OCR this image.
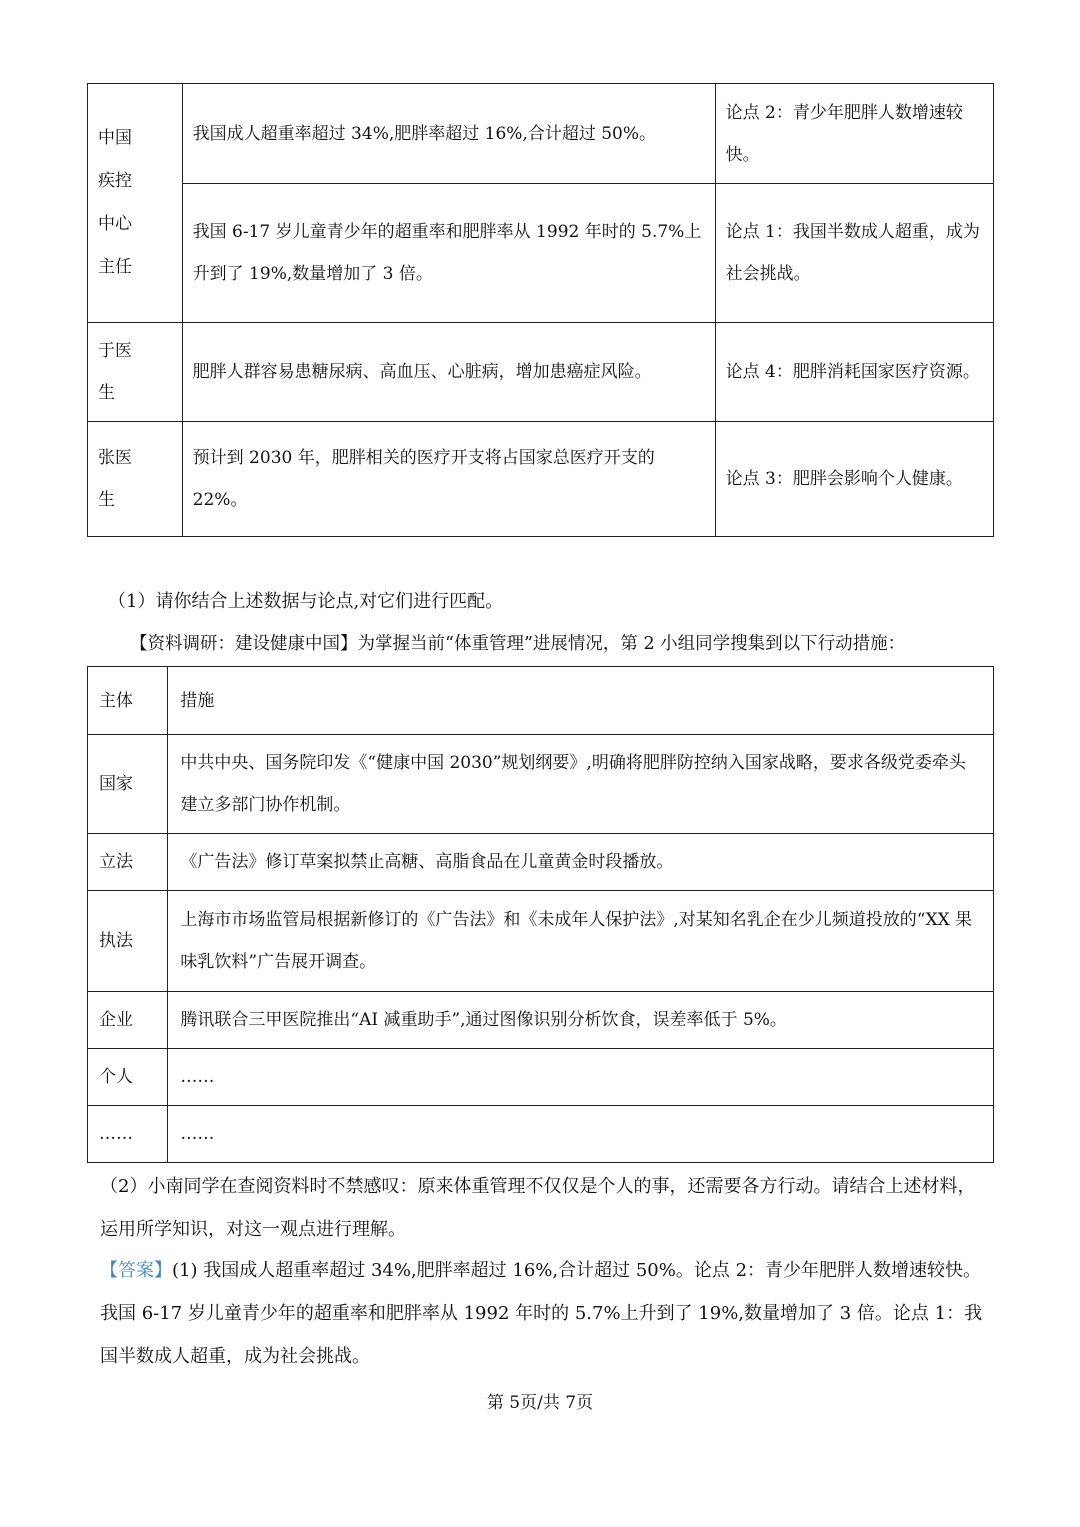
中国疾控中心主任	我国成人超重率超过 34%,肥胖率超过 16%,合计超过 50%。	论点 2：青少年肥胖人数增速较快。
	我国 6-17 岁儿童青少年的超重率和肥胖率从 1992 年时的 5.7%上升到了 19%,数量增加了 3 倍。	论点 1：我国半数成人超重，成为社会挑战。

于医生	肥胖人群容易患糖尿病、高血压、心脏病，增加患癌症风险。	论点 4：肥胖消耗国家医疗资源。

张医生	预计到 2030 年，肥胖相关的医疗开支将占国家总医疗开支的 22%。	论点 3：肥胖会影响个人健康。
（1）请你结合上述数据与论点,对它们进行匹配。
【资料调研：建设健康中国】为掌握当前“体重管理”进展情况，第 2 小组同学搜集到以下行动措施：
主体	措施
国家	中共中央、国务院印发《“健康中国 2030”规划纲要》,明确将肥胖防控纳入国家战略，要求各级党委牵头建立多部门协作机制。
立法	《广告法》修订草案拟禁止高糖、高脂食品在儿童黄金时段播放。
执法	上海市市场监管局根据新修订的《广告法》和《未成年人保护法》,对某知名乳企在少儿频道投放的“XX 果味乳饮料”广告展开调查。
企业	腾讯联合三甲医院推出“AI 减重助手”,通过图像识别分析饮食，误差率低于 5%。
个人	……
……	……
（2）小南同学在查阅资料时不禁感叹：原来体重管理不仅仅是个人的事，还需要各方行动。请结合上述材料，运用所学知识，对这一观点进行理解。
【答案】(1) 我国成人超重率超过 34%,肥胖率超过 16%,合计超过 50%。论点 2：青少年肥胖人数增速较快。我国 6-17 岁儿童青少年的超重率和肥胖率从 1992 年时的 5.7%上升到了 19%,数量增加了 3 倍。论点 1：我国半数成人超重，成为社会挑战。
第 5页/共 7页
